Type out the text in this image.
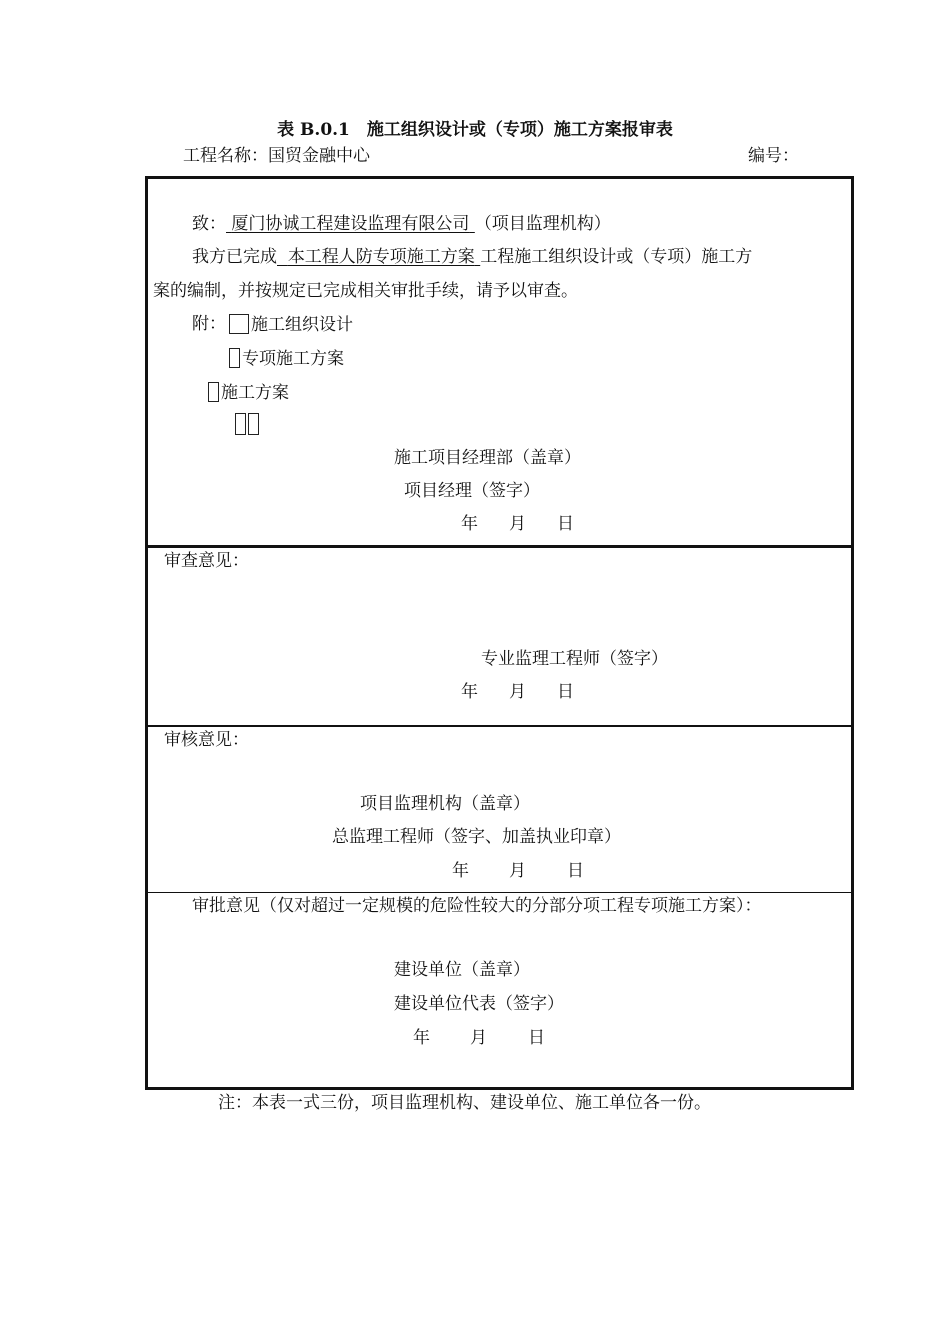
表 B.0.1　施工组织设计或（专项）施工方案报审表
工程名称：国贸金融中心	编号：
致： 厦门协诚工程建设监理有限公司 （项目监理机构）
我方已完成 本工程人防专项施工方案 工程施工组织设计或（专项）施工方
案的编制，并按规定已完成相关审批手续，请予以审查。
附：	施工组织设计
专项施工方案
施工方案
施工项目经理部（盖章）
项目经理（签字）
年 月 日
审查意见：
专业监理工程师（签字）
年 月 日
审核意见：
项目监理机构（盖章）
总监理工程师（签字、加盖执业印章）
年 月 日
审批意见（仅对超过一定规模的危险性较大的分部分项工程专项施工方案）：
建设单位（盖章）
建设单位代表（签字）
年 月 日
注：本表一式三份，项目监理机构、建设单位、施工单位各一份。
